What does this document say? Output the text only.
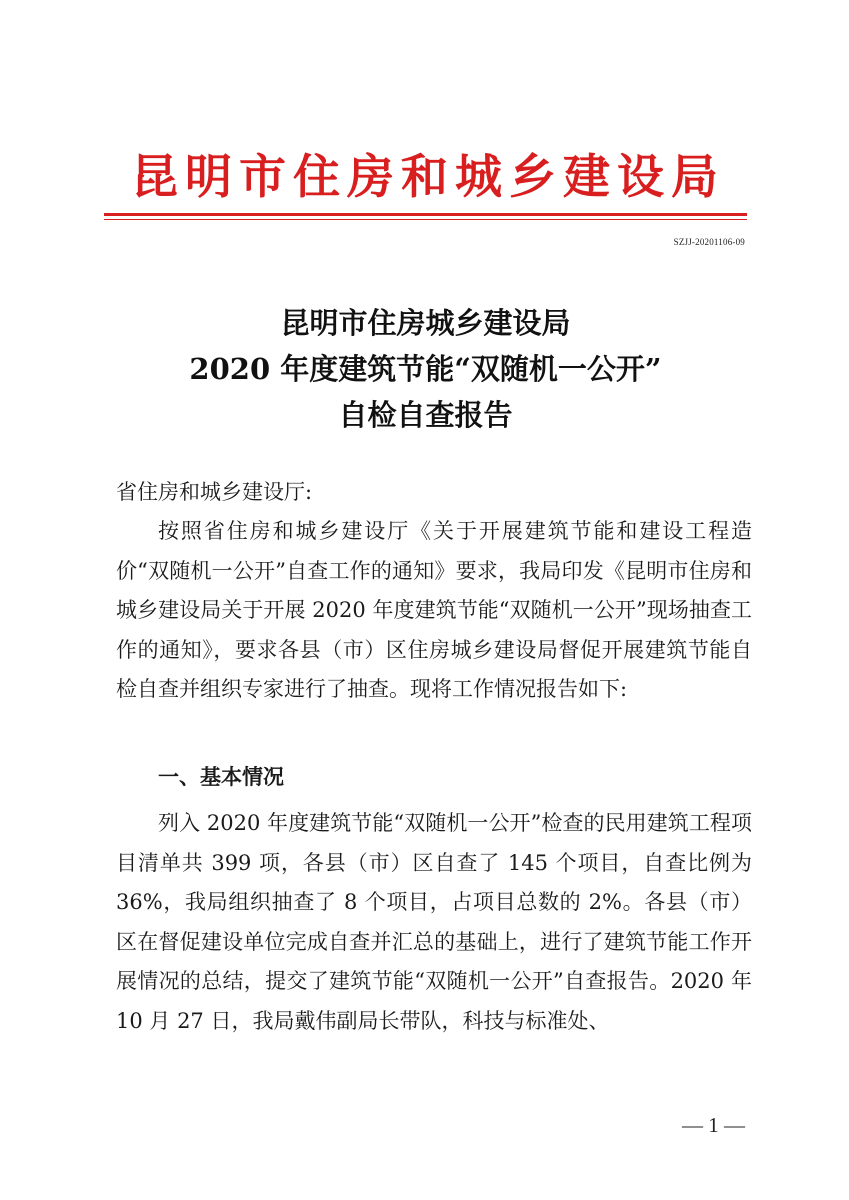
昆明市住房和城乡建设局
SZJJ-20201106-09
昆明市住房城乡建设局
2020 年度建筑节能“双随机一公开”
自检自查报告
省住房和城乡建设厅:
按照省住房和城乡建设厅《关于开展建筑节能和建设工程造价“双随机一公开”自查工作的通知》要求，我局印发《昆明市住房和城乡建设局关于开展 2020 年度建筑节能“双随机一公开”现场抽查工作的通知》，要求各县（市）区住房城乡建设局督促开展建筑节能自检自查并组织专家进行了抽查。现将工作情况报告如下:
一、基本情况
列入 2020 年度建筑节能“双随机一公开”检查的民用建筑工程项目清单共 399 项，各县（市）区自查了 145 个项目，自查比例为 36%，我局组织抽查了 8 个项目，占项目总数的 2%。各县（市）区在督促建设单位完成自查并汇总的基础上，进行了建筑节能工作开展情况的总结，提交了建筑节能“双随机一公开”自查报告。2020 年 10 月 27 日，我局戴伟副局长带队，科技与标准处、
— 1 —
